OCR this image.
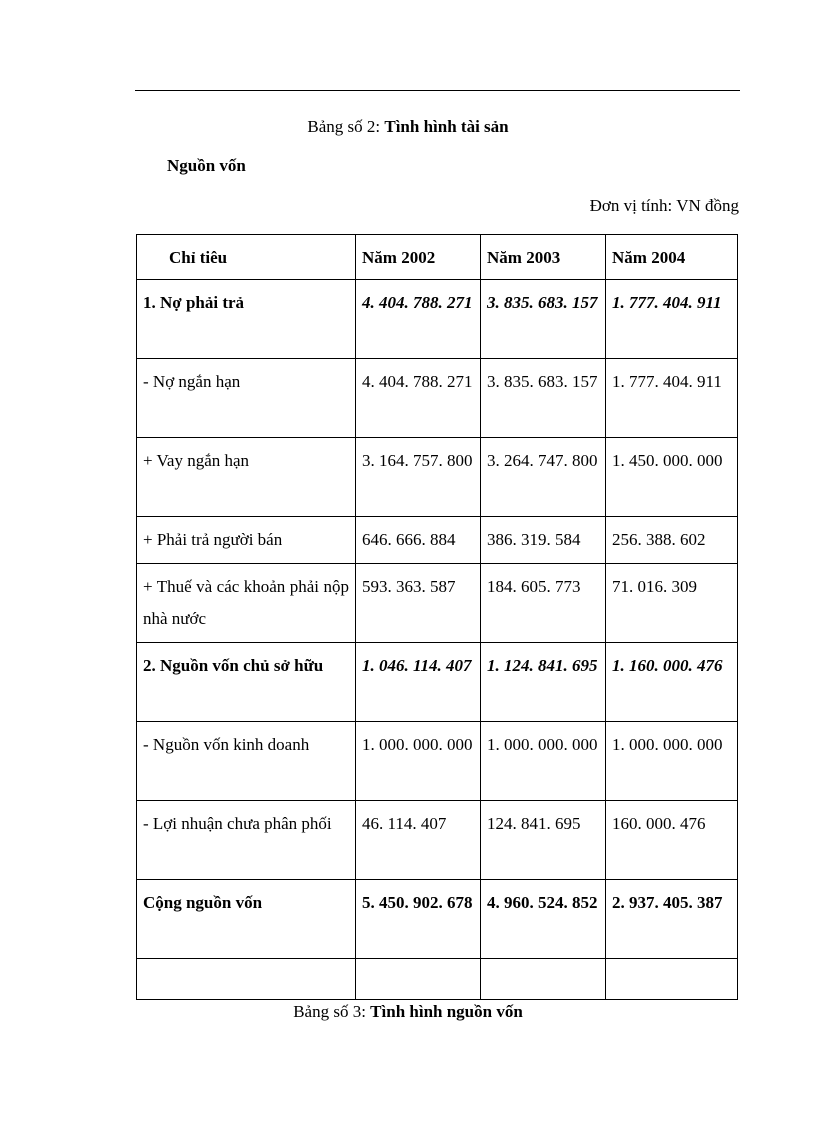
Bảng số 2: Tình hình tài sản
Nguồn vốn
Đơn vị tính: VN đồng
Chỉ tiêu	Năm 2002	Năm 2003	Năm 2004
1. Nợ phải trả	4. 404. 788. 271	3. 835. 683. 157	1. 777. 404. 911
- Nợ ngắn hạn	4. 404. 788. 271	3. 835. 683. 157	1. 777. 404. 911
+ Vay ngắn hạn	3. 164. 757. 800	3. 264. 747. 800	1. 450. 000. 000
+ Phải trả người bán	646. 666. 884	386. 319. 584	256. 388. 602
+ Thuế và các khoản phải nộp nhà nước	593. 363. 587	184. 605. 773	71. 016. 309
2. Nguồn vốn chủ sở hữu	1. 046. 114. 407	1. 124. 841. 695	1. 160. 000. 476
- Nguồn vốn kinh doanh	1. 000. 000. 000	1. 000. 000. 000	1. 000. 000. 000
- Lợi nhuận chưa phân phối	46. 114. 407	124. 841. 695	160. 000. 476
Cộng nguồn vốn	5. 450. 902. 678	4. 960. 524. 852	2. 937. 405. 387

Bảng số 3: Tình hình nguồn vốn
